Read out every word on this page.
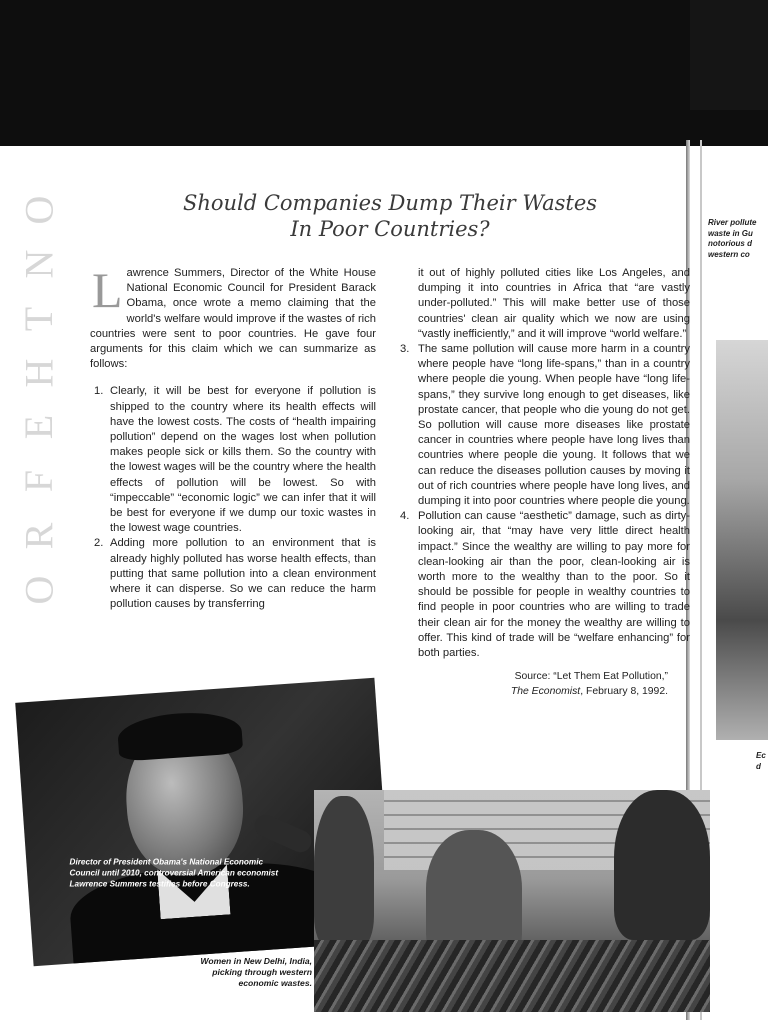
O
N
T
H
E
F
R
O
Should Companies Dump Their Wastes
In Poor Countries?

Lawrence Summers, Director of the White House National Economic Council for President Barack Obama, once wrote a memo claiming that the world's welfare would improve if the wastes of rich countries were sent to poor countries. He gave four arguments for this claim which we can summarize as follows:

1. Clearly, it will be best for everyone if pollution is shipped to the country where its health effects will have the lowest costs. The costs of “health impairing pollution” depend on the wages lost when pollution makes people sick or kills them. So the country with the lowest wages will be the country where the health effects of pollution will be lowest. So with “impeccable” “economic logic” we can infer that it will be best for everyone if we dump our toxic wastes in the lowest wage countries.
2. Adding more pollution to an environment that is already highly polluted has worse health effects, than putting that same pollution into a clean environment where it can disperse. So we can reduce the harm pollution causes by transferring

it out of highly polluted cities like Los Angeles, and dumping it into countries in Africa that “are vastly under-polluted.” This will make better use of those countries' clean air quality which we now are using “vastly inefficiently,” and it will improve “world welfare.”

3. The same pollution will cause more harm in a country where people have “long life-spans,” than in a country where people die young. When people have “long life-spans,” they survive long enough to get diseases, like prostate cancer, that people who die young do not get. So pollution will cause more diseases like prostate cancer in countries where people have long lives than countries where people die young. It follows that we can reduce the diseases pollution causes by moving it out of rich countries where people have long lives, and dumping it into poor countries where people die young.
4. Pollution can cause “aesthetic” damage, such as dirty-looking air, that “may have very little direct health impact.” Since the wealthy are willing to pay more for clean-looking air than the poor, clean-looking air is worth more to the wealthy than to the poor. So it should be possible for people in wealthy countries to find people in poor countries who are willing to trade their clean air for the money the wealthy are willing to offer. This kind of trade will be “welfare enhancing” for both parties.

Source: “Let Them Eat Pollution,”
The Economist, February 8, 1992.

Director of President Obama's National Economic

Council until 2010, controversial American economist

Lawrence Summers testifies before Congress.

Women in New Delhi, India,

picking through western

economic wastes.

River pollute

waste in Gu

notorious d

western co

Ec

d
